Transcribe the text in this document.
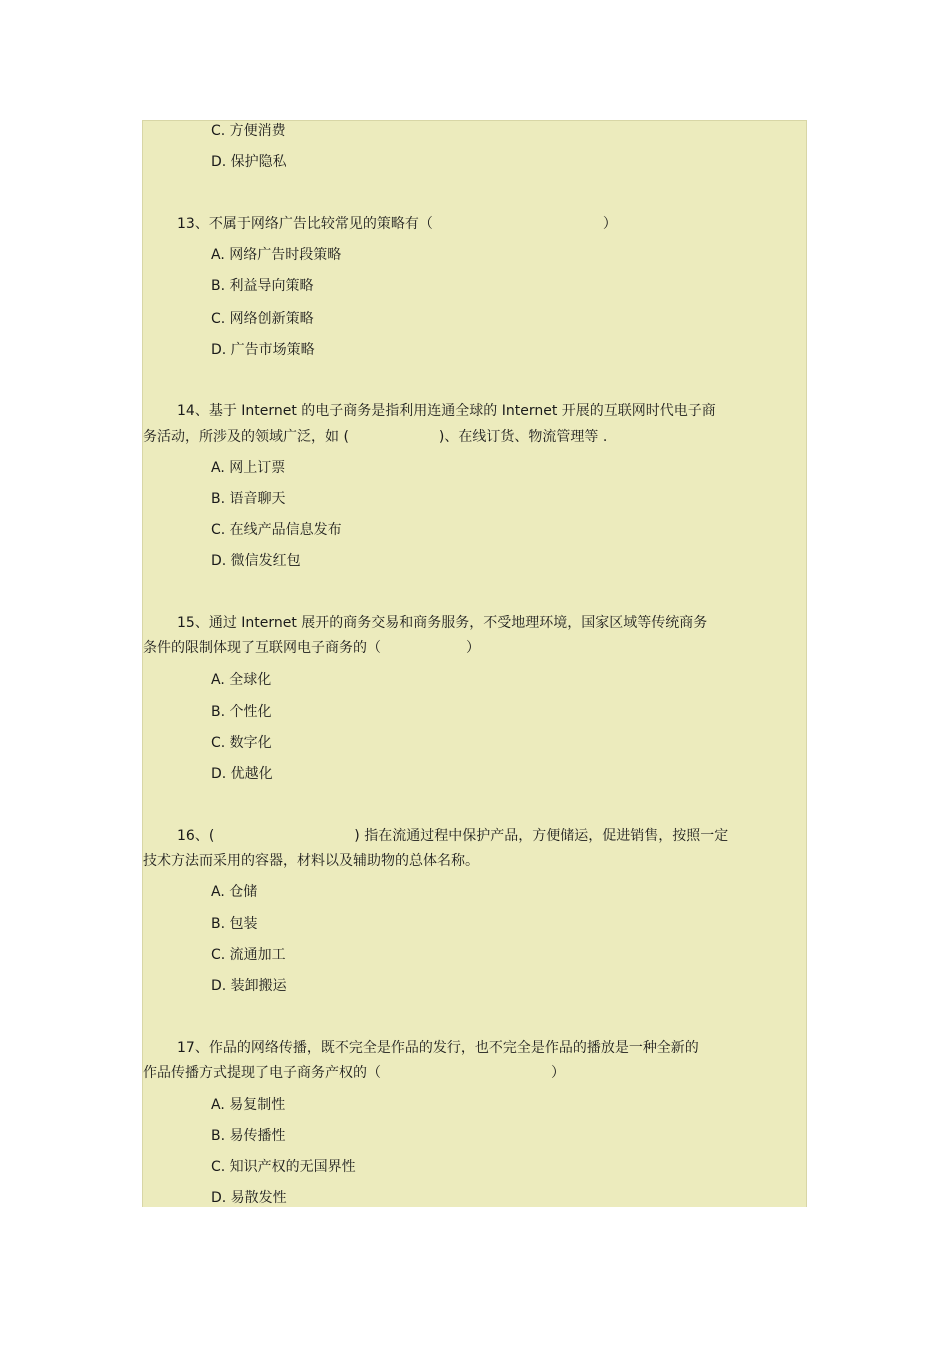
C. 方便消费
D. 保护隐私
13、不属于网络广告比较常见的策略有（	）
A. 网络广告时段策略
B. 利益导向策略
C. 网络创新策略
D. 广告市场策略
14、基于 Internet 的电子商务是指利用连通全球的 Internet 开展的互联网时代电子商
务活动，所涉及的领域广泛，如 (	)、在线订货、物流管理等 .
A. 网上订票
B. 语音聊天
C. 在线产品信息发布
D. 微信发红包
15、通过 Internet 展开的商务交易和商务服务，不受地理环境，国家区域等传统商务
条件的限制体现了互联网电子商务的（	）
A. 全球化
B. 个性化
C. 数字化
D. 优越化
16、(	) 指在流通过程中保护产品，方便储运，促进销售，按照一定
技术方法而采用的容器，材料以及辅助物的总体名称。
A. 仓储
B. 包装
C. 流通加工
D. 装卸搬运
17、作品的网络传播，既不完全是作品的发行，也不完全是作品的播放是一种全新的
作品传播方式提现了电子商务产权的（	）
A. 易复制性
B. 易传播性
C. 知识产权的无国界性
D. 易散发性
